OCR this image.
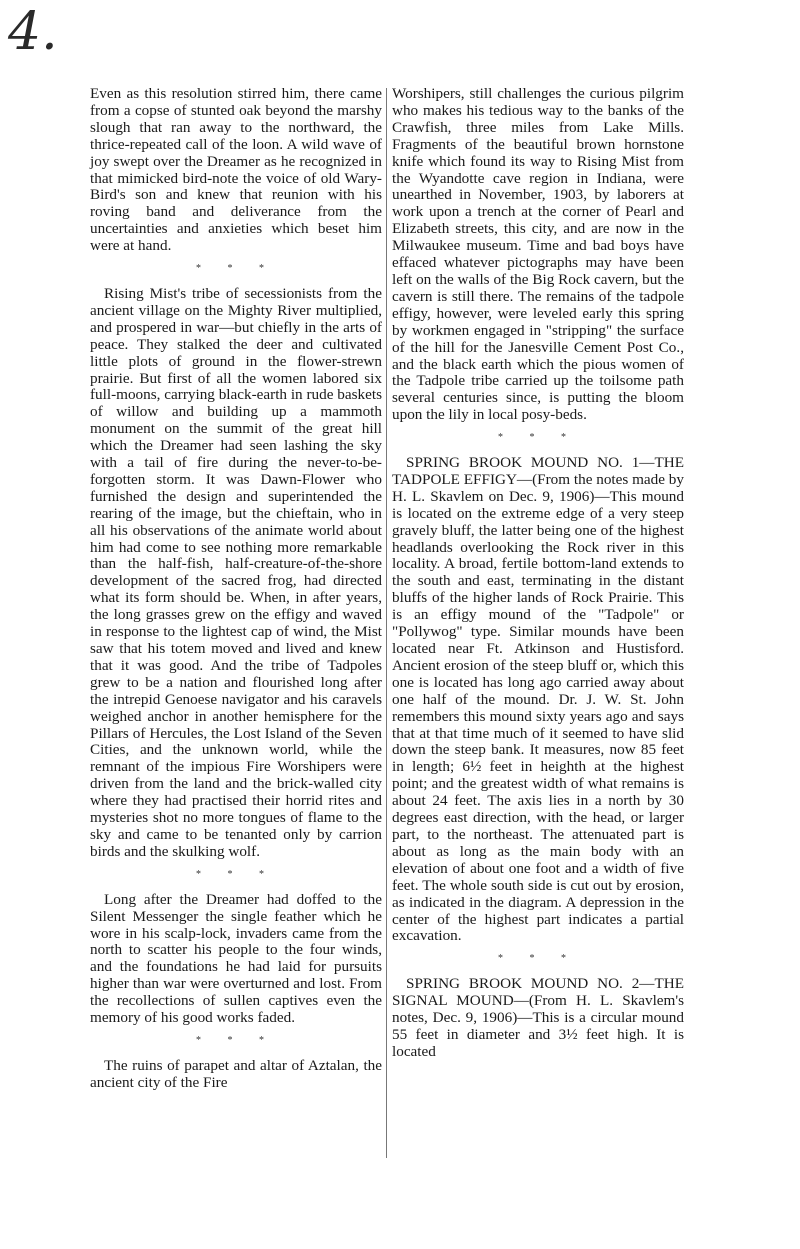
4.

Even as this resolution stirred him, there came from a copse of stunted oak beyond the marshy slough that ran away to the northward, the thrice-repeated call of the loon. A wild wave of joy swept over the Dreamer as he recognized in that mimicked bird-note the voice of old Wary-Bird's son and knew that reunion with his roving band and deliverance from the uncertainties and anxieties which beset him were at hand.

* * *

Rising Mist's tribe of secessionists from the ancient village on the Mighty River multiplied, and prospered in war—but chiefly in the arts of peace. They stalked the deer and cultivated little plots of ground in the flower-strewn prairie. But first of all the women labored six full-moons, carrying black-earth in rude baskets of willow and building up a mammoth monument on the summit of the great hill which the Dreamer had seen lashing the sky with a tail of fire during the never-to-be-forgotten storm. It was Dawn-Flower who furnished the design and superintended the rearing of the image, but the chieftain, who in all his observations of the animate world about him had come to see nothing more remarkable than the half-fish, half-creature-of-the-shore development of the sacred frog, had directed what its form should be. When, in after years, the long grasses grew on the effigy and waved in response to the lightest cap of wind, the Mist saw that his totem moved and lived and knew that it was good. And the tribe of Tadpoles grew to be a nation and flourished long after the intrepid Genoese navigator and his caravels weighed anchor in another hemisphere for the Pillars of Hercules, the Lost Island of the Seven Cities, and the unknown world, while the remnant of the impious Fire Worshipers were driven from the land and the brick-walled city where they had practised their horrid rites and mysteries shot no more tongues of flame to the sky and came to be tenanted only by carrion birds and the skulking wolf.

* * *

Long after the Dreamer had doffed to the Silent Messenger the single feather which he wore in his scalp-lock, invaders came from the north to scatter his people to the four winds, and the foundations he had laid for pursuits higher than war were overturned and lost. From the recollections of sullen captives even the memory of his good works faded.

* * *

The ruins of parapet and altar of Aztalan, the ancient city of the Fire

Worshipers, still challenges the curious pilgrim who makes his tedious way to the banks of the Crawfish, three miles from Lake Mills. Fragments of the beautiful brown hornstone knife which found its way to Rising Mist from the Wyandotte cave region in Indiana, were unearthed in November, 1903, by laborers at work upon a trench at the corner of Pearl and Elizabeth streets, this city, and are now in the Milwaukee museum. Time and bad boys have effaced whatever pictographs may have been left on the walls of the Big Rock cavern, but the cavern is still there. The remains of the tadpole effigy, however, were leveled early this spring by workmen engaged in "stripping" the surface of the hill for the Janesville Cement Post Co., and the black earth which the pious women of the Tadpole tribe carried up the toilsome path several centuries since, is putting the bloom upon the lily in local posy-beds.

* * *

SPRING BROOK MOUND NO. 1—THE TADPOLE EFFIGY—(From the notes made by H. L. Skavlem on Dec. 9, 1906)—This mound is located on the extreme edge of a very steep gravely bluff, the latter being one of the highest headlands overlooking the Rock river in this locality. A broad, fertile bottom-land extends to the south and east, terminating in the distant bluffs of the higher lands of Rock Prairie. This is an effigy mound of the "Tadpole" or "Pollywog" type. Similar mounds have been located near Ft. Atkinson and Hustisford. Ancient erosion of the steep bluff or, which this one is located has long ago carried away about one half of the mound. Dr. J. W. St. John remembers this mound sixty years ago and says that at that time much of it seemed to have slid down the steep bank. It measures, now 85 feet in length; 6½ feet in heighth at the highest point; and the greatest width of what remains is about 24 feet. The axis lies in a north by 30 degrees east direction, with the head, or larger part, to the northeast. The attenuated part is about as long as the main body with an elevation of about one foot and a width of five feet. The whole south side is cut out by erosion, as indicated in the diagram. A depression in the center of the highest part indicates a partial excavation.

* * *

SPRING BROOK MOUND NO. 2—THE SIGNAL MOUND—(From H. L. Skavlem's notes, Dec. 9, 1906)—This is a circular mound 55 feet in diameter and 3½ feet high. It is located
